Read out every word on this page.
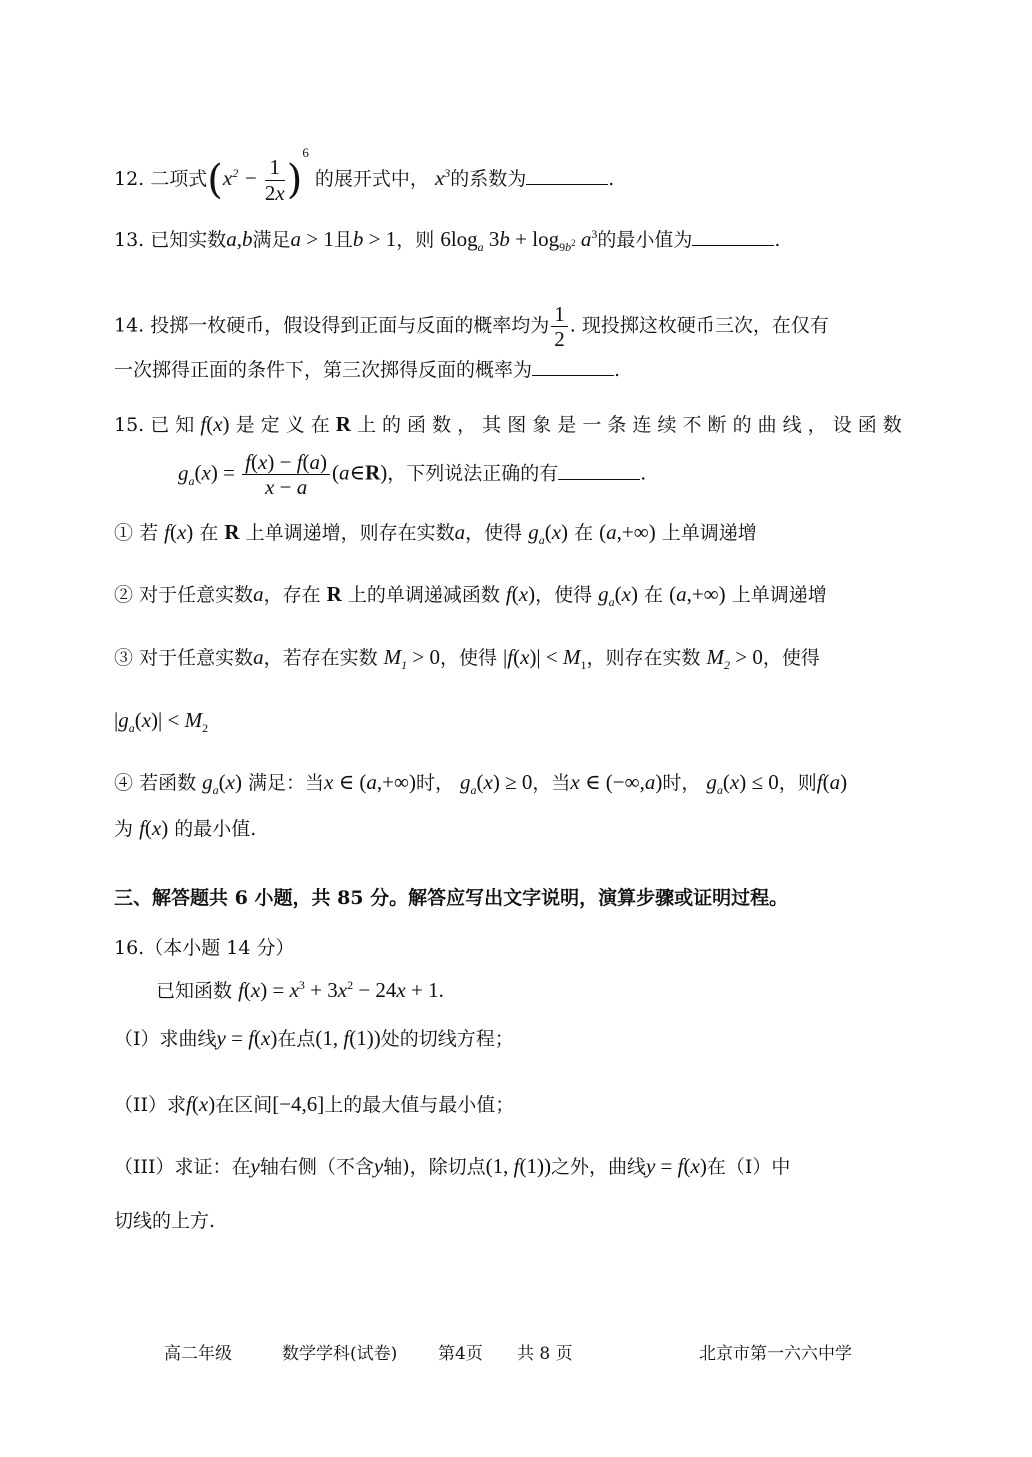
12. 二项式$(x^2 - \frac{1}{2x} )^6$ 的展开式中， $x^3$的系数为	.
13. 已知实数a,b满足a > 1且b > 1，则 $6\log_a$ $3b + \log_{9b^2} a^3$的最小值为	.
14. 投掷一枚硬币，假设得到正面与反面的概率均为 $\frac{1}{2}$ . 现投掷这枚硬币三次，在仅有
一次掷得正面的条件下，第三次掷得反面的概率为	.
15. 已 知 f(x) 是 定 义 在 R 上 的 函 数 ， 其 图 象 是 一 条 连 续 不 断 的 曲 线 ， 设 函 数
$g_a(x) = \frac{f(x) - f(a)}{x - a}$ (a∈R)，下列说法正确的有	.
① 若 f(x) 在 R 上单调递增，则存在实数a，使得 $g_a(x)$ 在 (a,+∞) 上单调递增
② 对于任意实数a，存在 R 上的单调递减函数 f(x)，使得 $g_a(x)$ 在 (a,+∞) 上单调递增
③ 对于任意实数a，若存在实数 $M_1 > 0$，使得 $|f(x)| < M_1$，则存在实数 $M_2 > 0$，使得
$|g_a(x)| < M_2$
④ 若函数 $g_a(x)$ 满足：当x ∈ (a,+∞)时， $g_a(x) \ge 0$，当x ∈ (−∞,a)时， $g_a(x) \le 0$，则f(a)
为 f(x) 的最小值.
三、解答题共 6 小题，共 85 分。解答应写出文字说明，演算步骤或证明过程。
16.（本小题 14 分）
已知函数 $f(x) = x^3 + 3x^2 - 24x + 1$.
（I）求曲线y = f(x)在点(1, f(1))处的切线方程；
（II）求f(x)在区间[−4,6]上的最大值与最小值；
（III）求证：在y轴右侧（不含y轴)，除切点(1, f(1))之外，曲线y = f(x)在（I）中
切线的上方.
高二年级	数学学科(试卷) 第4页 共 8 页	北京市第一六六中学
